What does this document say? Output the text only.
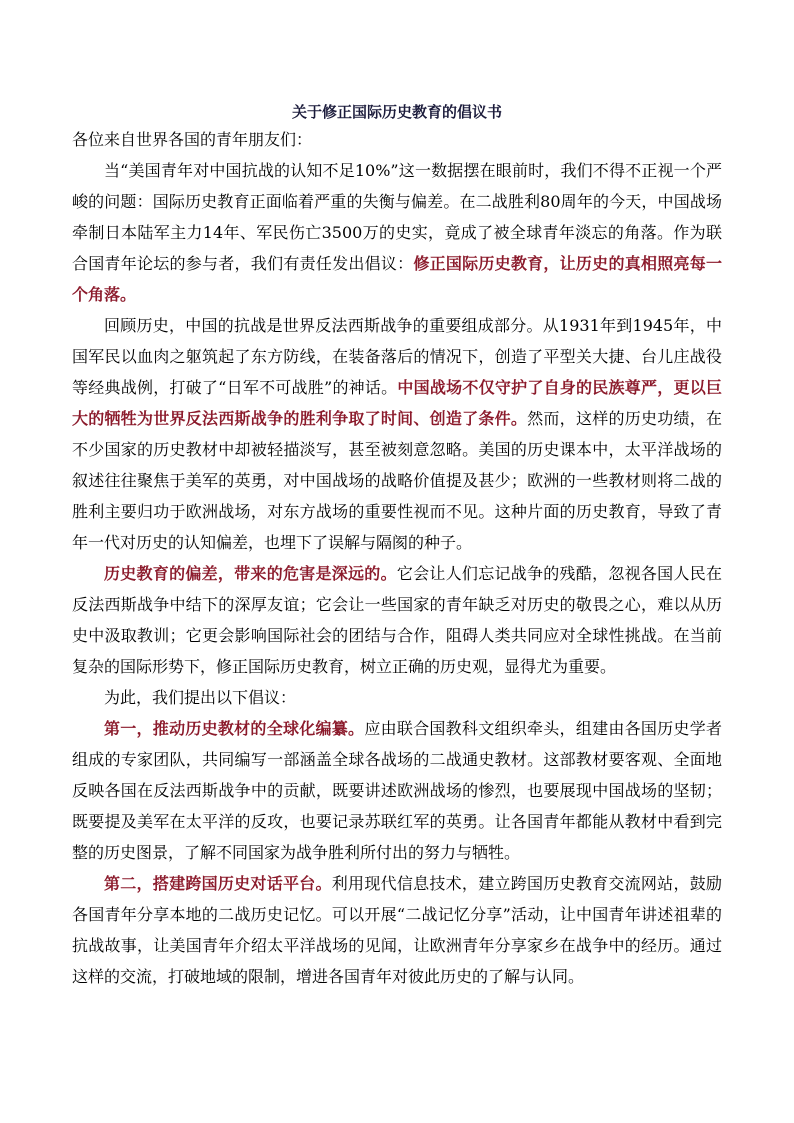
关于修正国际历史教育的倡议书

各位来自世界各国的青年朋友们：

当“美国青年对中国抗战的认知不足10%”这一数据摆在眼前时，我们不得不正视一个严峻的问题：国际历史教育正面临着严重的失衡与偏差。在二战胜利80周年的今天，中国战场牵制日本陆军主力14年、军民伤亡3500万的史实，竟成了被全球青年淡忘的角落。作为联合国青年论坛的参与者，我们有责任发出倡议：修正国际历史教育，让历史的真相照亮每一个角落。

回顾历史，中国的抗战是世界反法西斯战争的重要组成部分。从1931年到1945年，中国军民以血肉之躯筑起了东方防线，在装备落后的情况下，创造了平型关大捷、台儿庄战役等经典战例，打破了“日军不可战胜”的神话。中国战场不仅守护了自身的民族尊严，更以巨大的牺牲为世界反法西斯战争的胜利争取了时间、创造了条件。然而，这样的历史功绩，在不少国家的历史教材中却被轻描淡写，甚至被刻意忽略。美国的历史课本中，太平洋战场的叙述往往聚焦于美军的英勇，对中国战场的战略价值提及甚少；欧洲的一些教材则将二战的胜利主要归功于欧洲战场，对东方战场的重要性视而不见。这种片面的历史教育，导致了青年一代对历史的认知偏差，也埋下了误解与隔阂的种子。

历史教育的偏差，带来的危害是深远的。它会让人们忘记战争的残酷，忽视各国人民在反法西斯战争中结下的深厚友谊；它会让一些国家的青年缺乏对历史的敬畏之心，难以从历史中汲取教训；它更会影响国际社会的团结与合作，阻碍人类共同应对全球性挑战。在当前复杂的国际形势下，修正国际历史教育，树立正确的历史观，显得尤为重要。

为此，我们提出以下倡议：

第一，推动历史教材的全球化编纂。应由联合国教科文组织牵头，组建由各国历史学者组成的专家团队，共同编写一部涵盖全球各战场的二战通史教材。这部教材要客观、全面地反映各国在反法西斯战争中的贡献，既要讲述欧洲战场的惨烈，也要展现中国战场的坚韧；既要提及美军在太平洋的反攻，也要记录苏联红军的英勇。让各国青年都能从教材中看到完整的历史图景，了解不同国家为战争胜利所付出的努力与牺牲。

第二，搭建跨国历史对话平台。利用现代信息技术，建立跨国历史教育交流网站，鼓励各国青年分享本地的二战历史记忆。可以开展“二战记忆分享”活动，让中国青年讲述祖辈的抗战故事，让美国青年介绍太平洋战场的见闻，让欧洲青年分享家乡在战争中的经历。通过这样的交流，打破地域的限制，增进各国青年对彼此历史的了解与认同。
